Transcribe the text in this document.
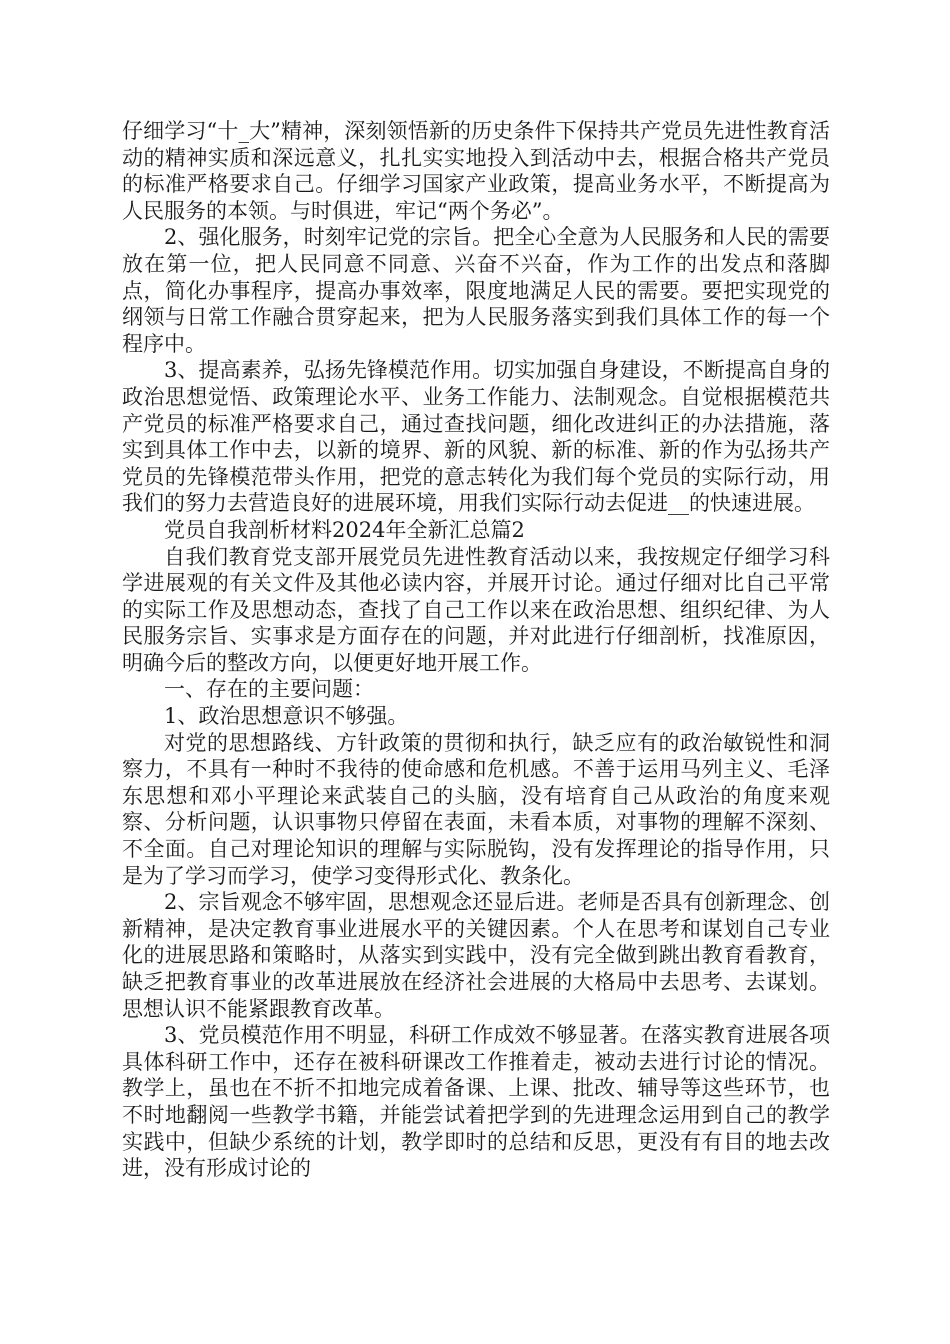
仔细学习“十_大”精神，深刻领悟新的历史条件下保持共产党员先进性教育活动的精神实质和深远意义，扎扎实实地投入到活动中去，根据合格共产党员的标准严格要求自己。仔细学习国家产业政策，提高业务水平，不断提高为人民服务的本领。与时俱进，牢记“两个务必”。

2、强化服务，时刻牢记党的宗旨。把全心全意为人民服务和人民的需要放在第一位，把人民同意不同意、兴奋不兴奋，作为工作的出发点和落脚点，简化办事程序，提高办事效率，限度地满足人民的需要。要把实现党的纲领与日常工作融合贯穿起来，把为人民服务落实到我们具体工作的每一个程序中。

3、提高素养，弘扬先锋模范作用。切实加强自身建设，不断提高自身的政治思想觉悟、政策理论水平、业务工作能力、法制观念。自觉根据模范共产党员的标准严格要求自己，通过查找问题，细化改进纠正的办法措施，落实到具体工作中去，以新的境界、新的风貌、新的标准、新的作为弘扬共产党员的先锋模范带头作用，把党的意志转化为我们每个党员的实际行动，用我们的努力去营造良好的进展环境，用我们实际行动去促进__的快速进展。

党员自我剖析材料2024年全新汇总篇2

自我们教育党支部开展党员先进性教育活动以来，我按规定仔细学习科学进展观的有关文件及其他必读内容，并展开讨论。通过仔细对比自己平常的实际工作及思想动态，查找了自己工作以来在政治思想、组织纪律、为人民服务宗旨、实事求是方面存在的问题，并对此进行仔细剖析，找准原因，明确今后的整改方向，以便更好地开展工作。

一、存在的主要问题：

1、政治思想意识不够强。

对党的思想路线、方针政策的贯彻和执行，缺乏应有的政治敏锐性和洞察力，不具有一种时不我待的使命感和危机感。不善于运用马列主义、毛泽东思想和邓小平理论来武装自己的头脑，没有培育自己从政治的角度来观察、分析问题，认识事物只停留在表面，未看本质，对事物的理解不深刻、不全面。自己对理论知识的理解与实际脱钩，没有发挥理论的指导作用，只是为了学习而学习，使学习变得形式化、教条化。

2、宗旨观念不够牢固，思想观念还显后进。老师是否具有创新理念、创新精神，是决定教育事业进展水平的关键因素。个人在思考和谋划自己专业化的进展思路和策略时，从落实到实践中，没有完全做到跳出教育看教育，缺乏把教育事业的改革进展放在经济社会进展的大格局中去思考、去谋划。思想认识不能紧跟教育改革。

3、党员模范作用不明显，科研工作成效不够显著。在落实教育进展各项具体科研工作中，还存在被科研课改工作推着走，被动去进行讨论的情况。教学上，虽也在不折不扣地完成着备课、上课、批改、辅导等这些环节，也不时地翻阅一些教学书籍，并能尝试着把学到的先进理念运用到自己的教学实践中，但缺少系统的计划，教学即时的总结和反思，更没有有目的地去改进，没有形成讨论的
